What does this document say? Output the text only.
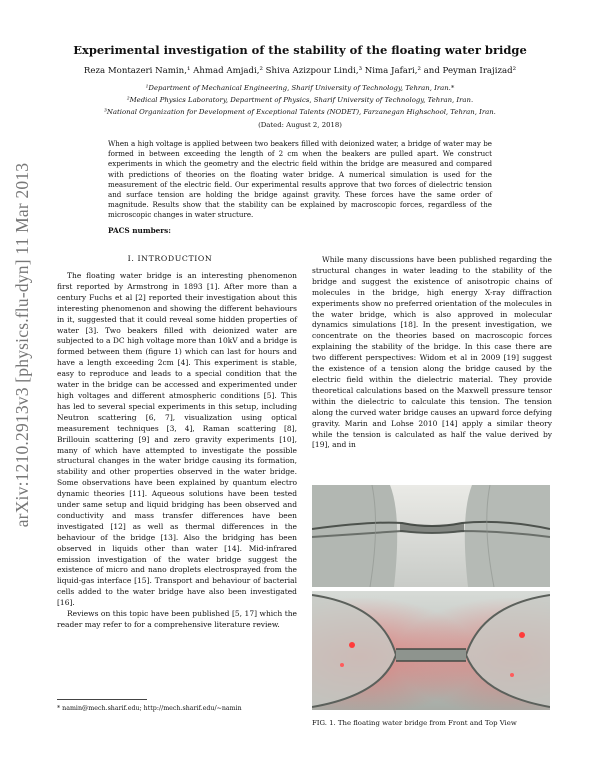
arXiv:1210.2913v3 [physics.flu-dyn] 11 Mar 2013
Experimental investigation of the stability of the floating water bridge
Reza Montazeri Namin,¹ Ahmad Amjadi,² Shiva Azizpour Lindi,³ Nima Jafari,² and Peyman Irajizad²
¹Department of Mechanical Engineering, Sharif University of Technology, Tehran, Iran.*
²Medical Physics Laboratory, Department of Physics, Sharif University of Technology, Tehran, Iran.
³National Organization for Development of Exceptional Talents (NODET), Farzanegan Highschool, Tehran, Iran.
(Dated: August 2, 2018)
When a high voltage is applied between two beakers filled with deionized water, a bridge of water may be formed in between exceeding the length of 2 cm when the beakers are pulled apart. We construct experiments in which the geometry and the electric field within the bridge are measured and compared with predictions of theories on the floating water bridge. A numerical simulation is used for the measurement of the electric field. Our experimental results approve that two forces of dielectric tension and surface tension are holding the bridge against gravity. These forces have the same order of magnitude. Results show that the stability can be explained by macroscopic forces, regardless of the microscopic changes in water structure.
PACS numbers:
I. INTRODUCTION

The floating water bridge is an interesting phenomenon first reported by Armstrong in 1893 [1]. After more than a century Fuchs et al [2] reported their investigation about this interesting phenomenon and showing the different behaviours in it, suggested that it could reveal some hidden properties of water [3]. Two beakers filled with deionized water are subjected to a DC high voltage more than 10kV and a bridge is formed between them (figure 1) which can last for hours and have a length exceeding 2cm [4]. This experiment is stable, easy to reproduce and leads to a special condition that the water in the bridge can be accessed and experimented under high voltages and different atmospheric conditions [5]. This has led to several special experiments in this setup, including Neutron scattering [6, 7], visualization using optical measurement techniques [3, 4], Raman scattering [8], Brillouin scattering [9] and zero gravity experiments [10], many of which have attempted to investigate the possible structural changes in the water bridge causing its formation, stability and other properties observed in the water bridge. Some observations have been explained by quantum electro dynamic theories [11]. Aqueous solutions have been tested under same setup and liquid bridging has been observed and conductivity and mass transfer differences have been investigated [12] as well as thermal differences in the behaviour of the bridge [13]. Also the bridging has been observed in liquids other than water [14]. Mid-infrared emission investigation of the water bridge suggest the existence of micro and nano droplets electrosprayed from the liquid-gas interface [15]. Transport and behaviour of bacterial cells added to the water bridge have also been investigated [16].

Reviews on this topic have been published [5, 17] which the reader may refer to for a comprehensive literature review.

While many discussions have been published regarding the structural changes in water leading to the stability of the bridge and suggest the existence of anisotropic chains of molecules in the bridge, high energy X-ray diffraction experiments show no preferred orientation of the molecules in the water bridge, which is also approved in molecular dynamics simulations [18]. In the present investigation, we concentrate on the theories based on macroscopic forces explaining the stability of the bridge. In this case there are two different perspectives: Widom et al in 2009 [19] suggest the existence of a tension along the bridge caused by the electric field within the dielectric material. They provide theoretical calculations based on the Maxwell pressure tensor within the dielectric to calculate this tension. The tension along the curved water bridge causes an upward force defying gravity. Marin and Lohse 2010 [14] apply a similar theory while the tension is calculated as half the value derived by [19], and in

FIG. 1. The floating water bridge from Front and Top View
* namin@mech.sharif.edu; http://mech.sharif.edu/~namin
